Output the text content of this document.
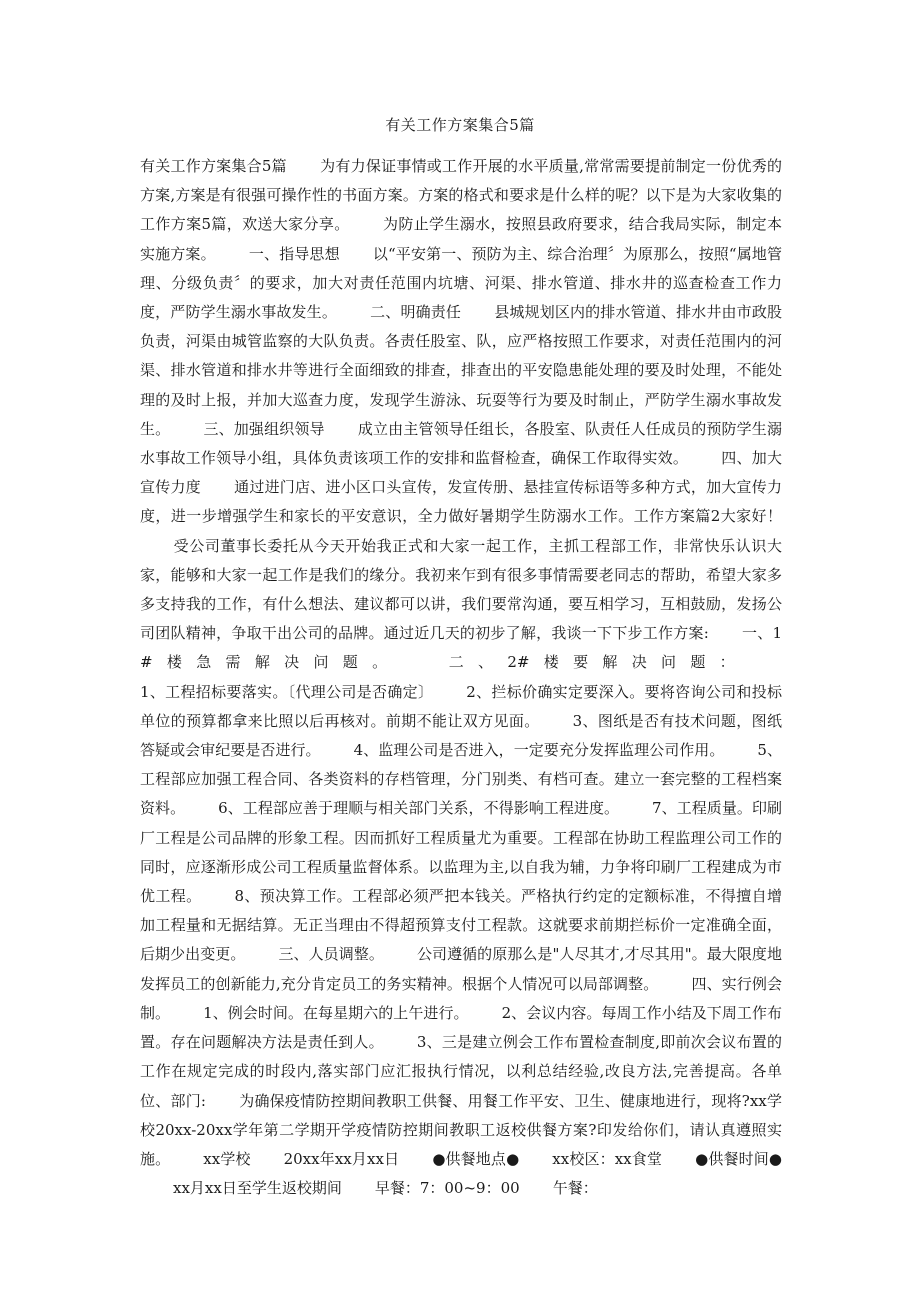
有关工作方案集合5篇
有关工作方案集合5篇 为有力保证事情或工作开展的水平质量,常常需要提前制定一份优秀的方案,方案是有很强可操作性的书面方案。方案的格式和要求是什么样的呢？以下是为大家收集的工作方案5篇，欢送大家分享。 为防止学生溺水，按照县政府要求，结合我局实际，制定本实施方案。 一、指导思想 以“平安第一、预防为主、综合治理〞为原那么，按照“属地管理、分级负责〞的要求，加大对责任范围内坑塘、河渠、排水管道、排水井的巡查检查工作力度，严防学生溺水事故发生。 二、明确责任 县城规划区内的排水管道、排水井由市政股负责，河渠由城管监察的大队负责。各责任股室、队，应严格按照工作要求，对责任范围内的河渠、排水管道和排水井等进行全面细致的排查，排查出的平安隐患能处理的要及时处理，不能处理的及时上报，并加大巡查力度，发现学生游泳、玩耍等行为要及时制止，严防学生溺水事故发生。 三、加强组织领导 成立由主管领导任组长，各股室、队责任人任成员的预防学生溺水事故工作领导小组，具体负责该项工作的安排和监督检查，确保工作取得实效。 四、加大宣传力度 通过进门店、进小区口头宣传，发宣传册、悬挂宣传标语等多种方式，加大宣传力度，进一步增强学生和家长的平安意识，全力做好暑期学生防溺水工作。工作方案篇2大家好！受公司董事长委托从今天开始我正式和大家一起工作，主抓工程部工作，非常快乐认识大家，能够和大家一起工作是我们的缘分。我初来乍到有很多事情需要老同志的帮助，希望大家多多支持我的工作，有什么想法、建议都可以讲，我们要常沟通，要互相学习，互相鼓励，发扬公司团队精神，争取干出公司的品牌。通过近几天的初步了解，我谈一下下步工作方案: 一、1#楼急需解决问题。 二、2#楼要解决问题：1、工程招标要落实。〔代理公司是否确定〕 2、拦标价确实定要深入。要将咨询公司和投标单位的预算都拿来比照以后再核对。前期不能让双方见面。 3、图纸是否有技术问题，图纸答疑或会审纪要是否进行。 4、监理公司是否进入，一定要充分发挥监理公司作用。 5、工程部应加强工程合同、各类资料的存档管理，分门别类、有档可查。建立一套完整的工程档案资料。 6、工程部应善于理顺与相关部门关系，不得影响工程进度。 7、工程质量。印刷厂工程是公司品牌的形象工程。因而抓好工程质量尤为重要。工程部在协助工程监理公司工作的同时，应逐渐形成公司工程质量监督体系。以监理为主,以自我为辅，力争将印刷厂工程建成为市优工程。 8、预决算工作。工程部必须严把本钱关。严格执行约定的定额标准，不得擅自增加工程量和无据结算。无正当理由不得超预算支付工程款。这就要求前期拦标价一定准确全面，后期少出变更。 三、人员调整。 公司遵循的原那么是"人尽其才,才尽其用"。最大限度地发挥员工的创新能力,充分肯定员工的务实精神。根据个人情况可以局部调整。 四、实行例会制。 1、例会时间。在每星期六的上午进行。 2、会议内容。每周工作小结及下周工作布置。存在问题解决方法是责任到人。 3、三是建立例会工作布置检查制度,即前次会议布置的工作在规定完成的时段内,落实部门应汇报执行情况，以利总结经验,改良方法,完善提高。各单位、部门: 为确保疫情防控期间教职工供餐、用餐工作平安、卫生、健康地进行，现将?xx学校20xx-20xx学年第二学期开学疫情防控期间教职工返校供餐方案?印发给你们，请认真遵照实施。 xx学校 20xx年xx月xx日 ●供餐地点● xx校区：xx食堂 ●供餐时间●xx月xx日至学生返校期间 早餐：7：00~9：00 午餐：
